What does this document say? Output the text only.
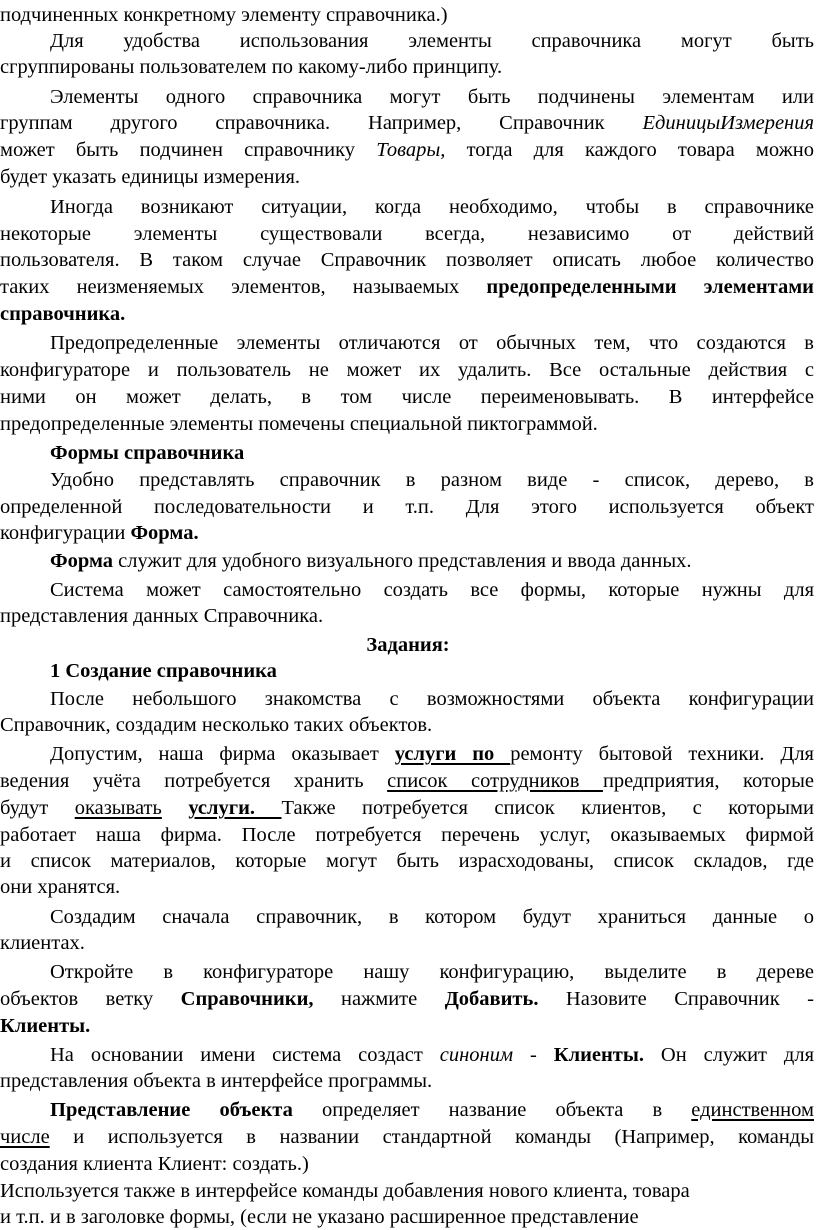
подчиненных конкретному элементу справочника.)
Для удобства использования элементы справочника могут быть
сгруппированы пользователем по какому-либо принципу.
Элементы одного справочника могут быть подчинены элементам или
группам другого справочника. Например, Справочник ЕдиницыИзмерения
может быть подчинен справочнику Товары, тогда для каждого товара можно
будет указать единицы измерения.
Иногда возникают ситуации, когда необходимо, чтобы в справочнике
некоторые элементы существовали всегда, независимо от действий
пользователя. В таком случае Справочник позволяет описать любое количество
таких неизменяемых элементов, называемых предопределенными элементами
справочника.
Предопределенные элементы отличаются от обычных тем, что создаются в
конфигураторе и пользователь не может их удалить. Все остальные действия с
ними он может делать, в том числе переименовывать. В интерфейсе
предопределенные элементы помечены специальной пиктограммой.
Формы справочника
Удобно представлять справочник в разном виде - список, дерево, в
определенной последовательности и т.п. Для этого используется объект
конфигурации Форма.
Форма служит для удобного визуального представления и ввода данных.
Система может самостоятельно создать все формы, которые нужны для
представления данных Справочника.
Задания:
1 Создание справочника
После небольшого знакомства с возможностями объекта конфигурации
Справочник, создадим несколько таких объектов.
Допустим, наша фирма оказывает услуги по ремонту бытовой техники. Для
ведения учёта потребуется хранить список сотрудников предприятия, которые
будут оказывать услуги. Также потребуется список клиентов, с которыми
работает наша фирма. После потребуется перечень услуг, оказываемых фирмой
и список материалов, которые могут быть израсходованы, список складов, где
они хранятся.
Создадим сначала справочник, в котором будут храниться данные о
клиентах.
Откройте в конфигураторе нашу конфигурацию, выделите в дереве
объектов ветку Справочники, нажмите Добавить. Назовите Справочник -
Клиенты.
На основании имени система создаст синоним - Клиенты. Он служит для
представления объекта в интерфейсе программы.
Представление объекта определяет название объекта в единственном
числе и используется в названии стандартной команды (Например, команды
создания клиента Клиент: создать.)
Используется также в интерфейсе команды добавления нового клиента, товара
и т.п. и в заголовке формы, (если не указано расширенное представление
